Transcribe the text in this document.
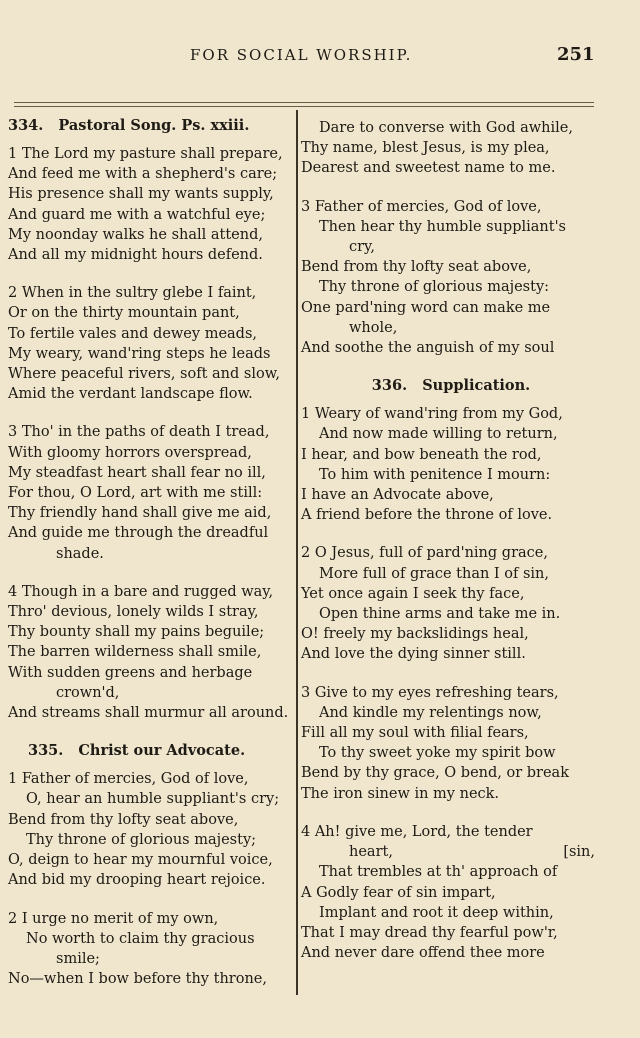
FOR SOCIAL WORSHIP.	251
334. Pastoral Song. Ps. xxiii.
1 The Lord my pasture shall prepare,
And feed me with a shepherd's care;
His presence shall my wants supply,
And guard me with a watchful eye;
My noonday walks he shall attend,
And all my midnight hours defend.
2 When in the sultry glebe I faint,
Or on the thirty mountain pant,
To fertile vales and dewey meads,
My weary, wand'ring steps he leads
Where peaceful rivers, soft and slow,
Amid the verdant landscape flow.
3 Tho' in the paths of death I tread,
With gloomy horrors overspread,
My steadfast heart shall fear no ill,
For thou, O Lord, art with me still:
Thy friendly hand shall give me aid,
And guide me through the dreadful
shade.
4 Though in a bare and rugged way,
Thro' devious, lonely wilds I stray,
Thy bounty shall my pains beguile;
The barren wilderness shall smile,
With sudden greens and herbage
crown'd,
And streams shall murmur all around.
335. Christ our Advocate.
1 Father of mercies, God of love,
O, hear an humble suppliant's cry;
Bend from thy lofty seat above,
Thy throne of glorious majesty;
O, deign to hear my mournful voice,
And bid my drooping heart rejoice.
2 I urge no merit of my own,
No worth to claim thy gracious
smile;
No—when I bow before thy throne,
Dare to converse with God awhile,
Thy name, blest Jesus, is my plea,
Dearest and sweetest name to me.
3 Father of mercies, God of love,
Then hear thy humble suppliant's
cry,
Bend from thy lofty seat above,
Thy throne of glorious majesty:
One pard'ning word can make me
whole,
And soothe the anguish of my soul
336. Supplication.
1 Weary of wand'ring from my God,
And now made willing to return,
I hear, and bow beneath the rod,
To him with penitence I mourn:
I have an Advocate above,
A friend before the throne of love.
2 O Jesus, full of pard'ning grace,
More full of grace than I of sin,
Yet once again I seek thy face,
Open thine arms and take me in.
O! freely my backslidings heal,
And love the dying sinner still.
3 Give to my eyes refreshing tears,
And kindle my relentings now,
Fill all my soul with filial fears,
To thy sweet yoke my spirit bow
Bend by thy grace, O bend, or break
The iron sinew in my neck.
4 Ah! give me, Lord, the tender
heart,	[sin,
That trembles at th' approach of
A Godly fear of sin impart,
Implant and root it deep within,
That I may dread thy fearful pow'r,
And never dare offend thee more
